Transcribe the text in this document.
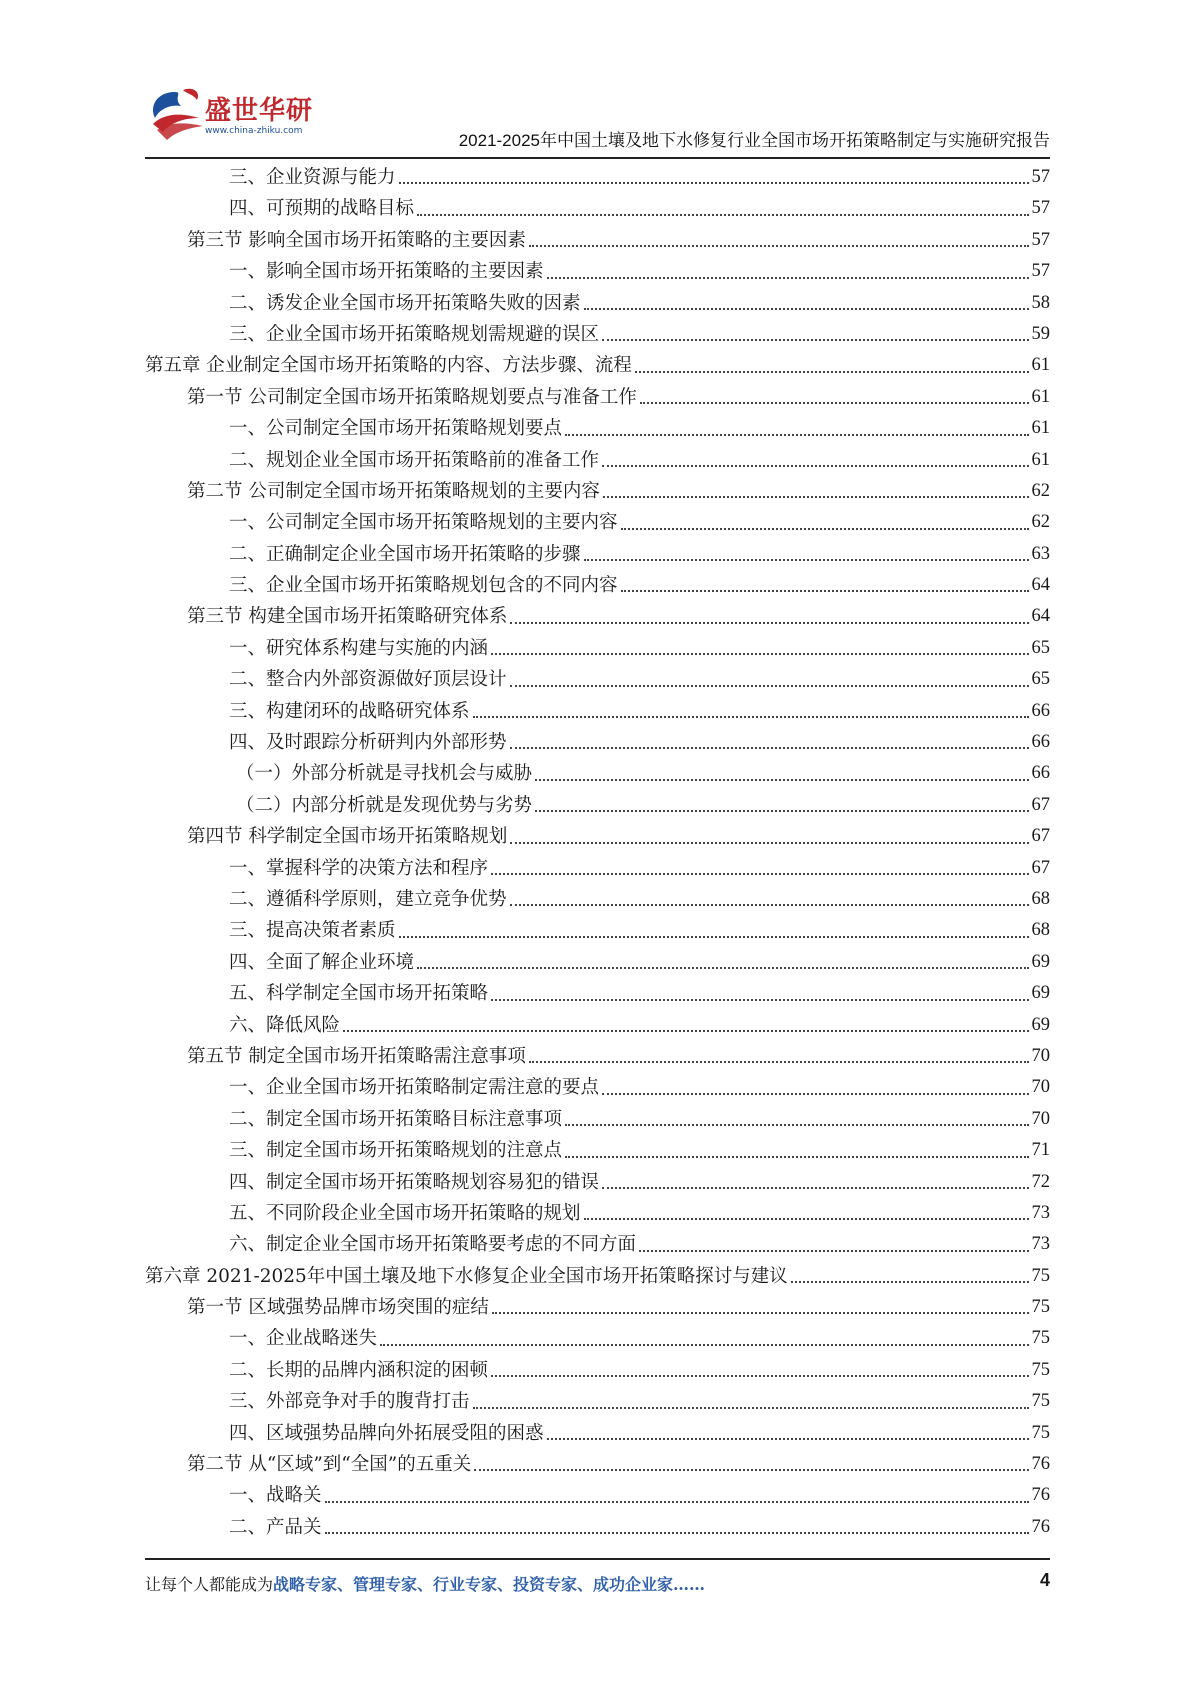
盛世华研
www.china-zhiku.com	2021-2025年中国土壤及地下水修复行业全国市场开拓策略制定与实施研究报告
三、企业资源与能力	57
四、可预期的战略目标	57
第三节 影响全国市场开拓策略的主要因素	57
一、影响全国市场开拓策略的主要因素	57
二、诱发企业全国市场开拓策略失败的因素	58
三、企业全国市场开拓策略规划需规避的误区	59
第五章 企业制定全国市场开拓策略的内容、方法步骤、流程	61
第一节 公司制定全国市场开拓策略规划要点与准备工作	61
一、公司制定全国市场开拓策略规划要点	61
二、规划企业全国市场开拓策略前的准备工作	61
第二节 公司制定全国市场开拓策略规划的主要内容	62
一、公司制定全国市场开拓策略规划的主要内容	62
二、正确制定企业全国市场开拓策略的步骤	63
三、企业全国市场开拓策略规划包含的不同内容	64
第三节 构建全国市场开拓策略研究体系	64
一、研究体系构建与实施的内涵	65
二、整合内外部资源做好顶层设计	65
三、构建闭环的战略研究体系	66
四、及时跟踪分析研判内外部形势	66
（一）外部分析就是寻找机会与威胁	66
（二）内部分析就是发现优势与劣势	67
第四节 科学制定全国市场开拓策略规划	67
一、掌握科学的决策方法和程序	67
二、遵循科学原则，建立竞争优势	68
三、提高决策者素质	68
四、全面了解企业环境	69
五、科学制定全国市场开拓策略	69
六、降低风险	69
第五节 制定全国市场开拓策略需注意事项	70
一、企业全国市场开拓策略制定需注意的要点	70
二、制定全国市场开拓策略目标注意事项	70
三、制定全国市场开拓策略规划的注意点	71
四、制定全国市场开拓策略规划容易犯的错误	72
五、不同阶段企业全国市场开拓策略的规划	73
六、制定企业全国市场开拓策略要考虑的不同方面	73
第六章 2021-2025年中国土壤及地下水修复企业全国市场开拓策略探讨与建议	75
第一节 区域强势品牌市场突围的症结	75
一、企业战略迷失	75
二、长期的品牌内涵积淀的困顿	75
三、外部竞争对手的腹背打击	75
四、区域强势品牌向外拓展受阻的困惑	75
第二节 从“区域”到“全国”的五重关	76
一、战略关	76
二、产品关	76
让每个人都能成为战略专家、管理专家、行业专家、投资专家、成功企业家……	4
